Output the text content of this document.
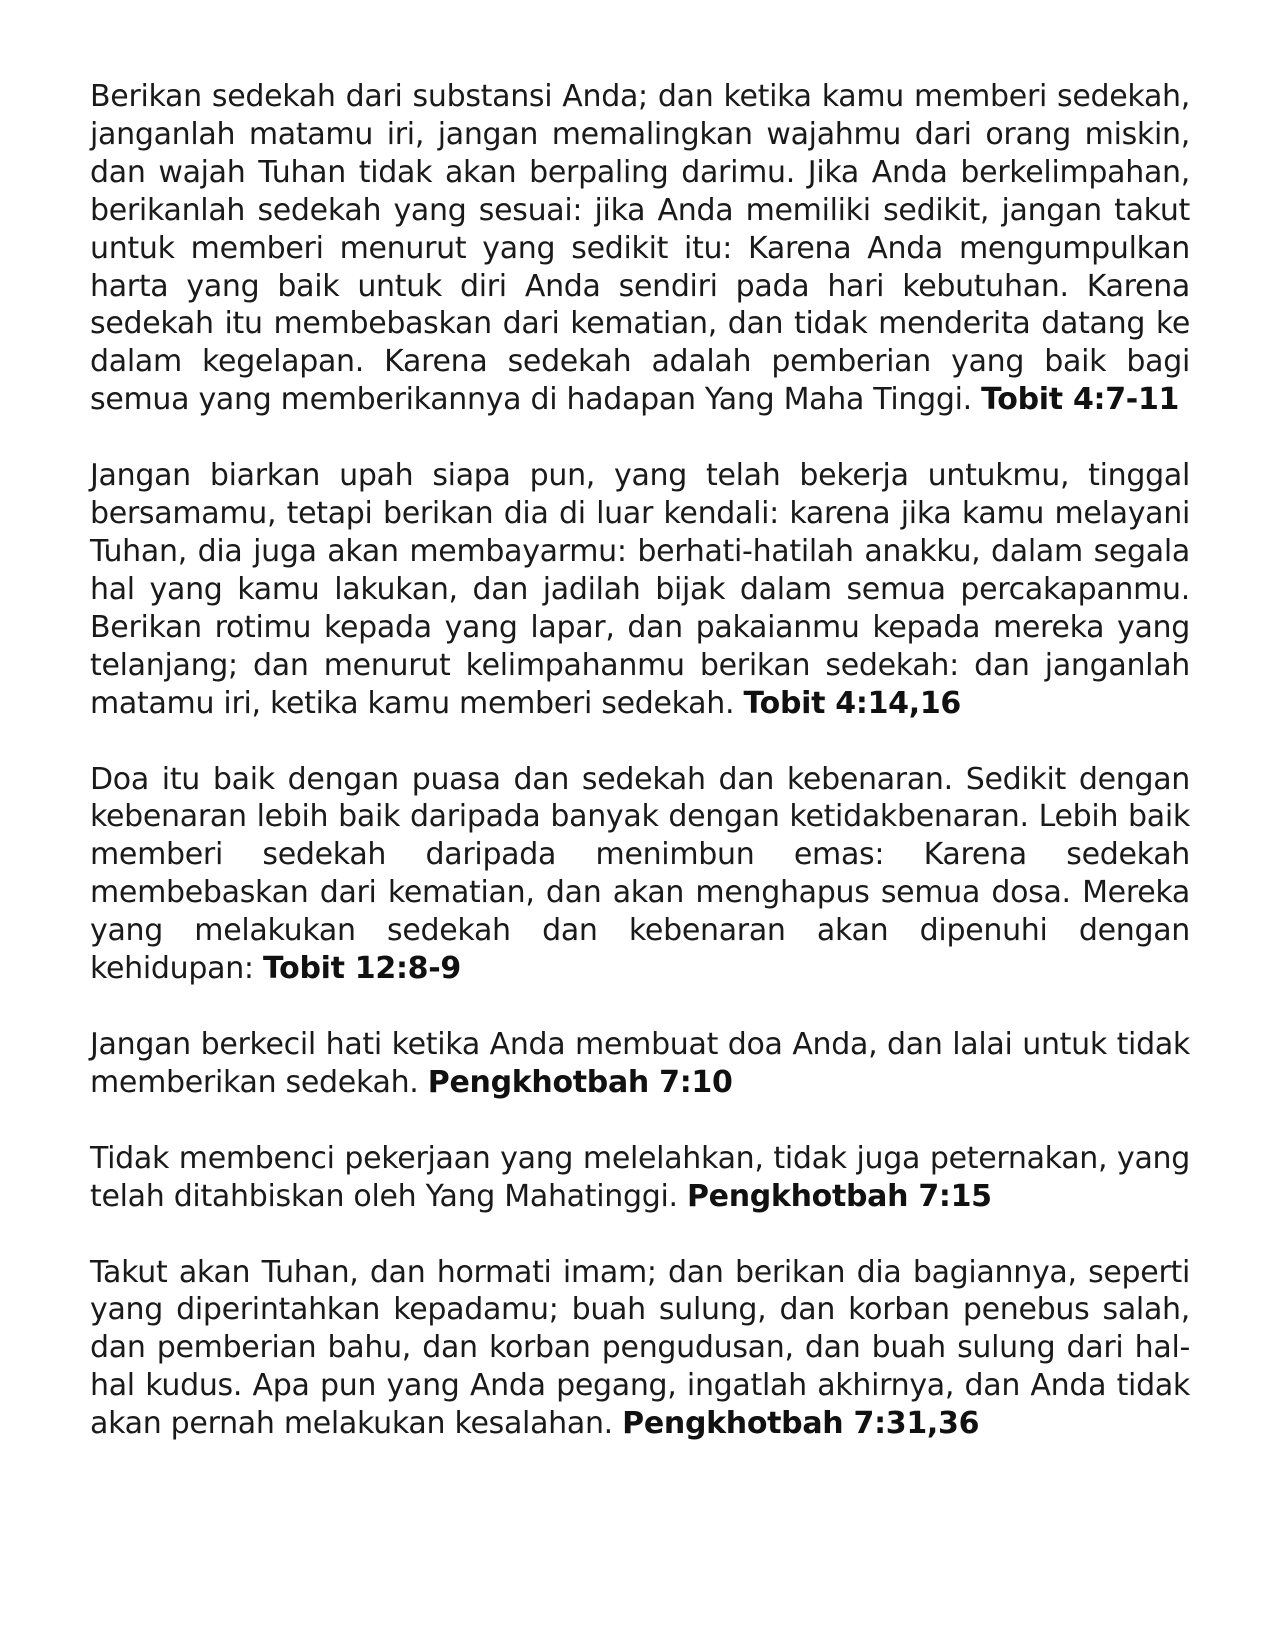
Berikan sedekah dari substansi Anda; dan ketika kamu memberi sedekah, janganlah matamu iri, jangan memalingkan wajahmu dari orang miskin, dan wajah Tuhan tidak akan berpaling darimu. Jika Anda berkelimpahan, berikanlah sedekah yang sesuai: jika Anda memiliki sedikit, jangan takut untuk memberi menurut yang sedikit itu: Karena Anda mengumpulkan harta yang baik untuk diri Anda sendiri pada hari kebutuhan. Karena sedekah itu membebaskan dari kematian, dan tidak menderita datang ke dalam kegelapan. Karena sedekah adalah pemberian yang baik bagi semua yang memberikannya di hadapan Yang Maha Tinggi. Tobit 4:7-11

Jangan biarkan upah siapa pun, yang telah bekerja untukmu, tinggal bersamamu, tetapi berikan dia di luar kendali: karena jika kamu melayani Tuhan, dia juga akan membayarmu: berhati-hatilah anakku, dalam segala hal yang kamu lakukan, dan jadilah bijak dalam semua percakapanmu. Berikan rotimu kepada yang lapar, dan pakaianmu kepada mereka yang telanjang; dan menurut kelimpahanmu berikan sedekah: dan janganlah matamu iri, ketika kamu memberi sedekah. Tobit 4:14,16

Doa itu baik dengan puasa dan sedekah dan kebenaran. Sedikit dengan kebenaran lebih baik daripada banyak dengan ketidakbenaran. Lebih baik memberi sedekah daripada menimbun emas: Karena sedekah membebaskan dari kematian, dan akan menghapus semua dosa. Mereka yang melakukan sedekah dan kebenaran akan dipenuhi dengan kehidupan: Tobit 12:8-9

Jangan berkecil hati ketika Anda membuat doa Anda, dan lalai untuk tidak memberikan sedekah. Pengkhotbah 7:10

Tidak membenci pekerjaan yang melelahkan, tidak juga peternakan, yang telah ditahbiskan oleh Yang Mahatinggi. Pengkhotbah 7:15

Takut akan Tuhan, dan hormati imam; dan berikan dia bagiannya, seperti yang diperintahkan kepadamu; buah sulung, dan korban penebus salah, dan pemberian bahu, dan korban pengudusan, dan buah sulung dari hal-hal kudus. Apa pun yang Anda pegang, ingatlah akhirnya, dan Anda tidak akan pernah melakukan kesalahan. Pengkhotbah 7:31,36
